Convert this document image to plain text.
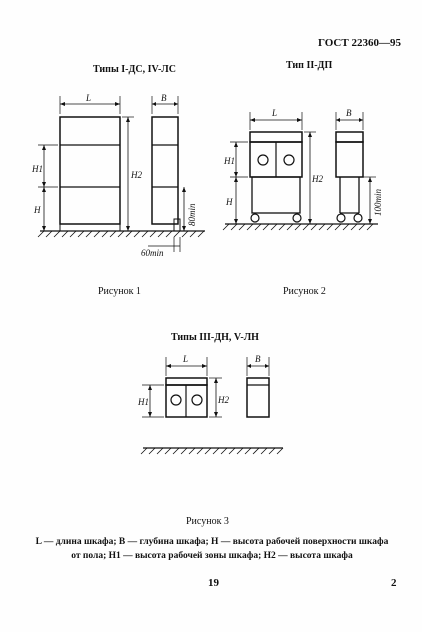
ГОСТ 22360—95
Типы I-ДС, IV-ЛС	Тип II-ДП
L
H1
H
H2
B
80min
60min
L
H1
H
H2
B
100min
Рисунок 1	Рисунок 2
Типы III-ДН, V-ЛН
L
H1	H2
B
Рисунок 3
L — длина шкафа; B — глубина шкафа; H — высота рабочей поверхности шкафа от пола; H1 — высота рабочей зоны шкафа; H2 — высота шкафа
19	2
